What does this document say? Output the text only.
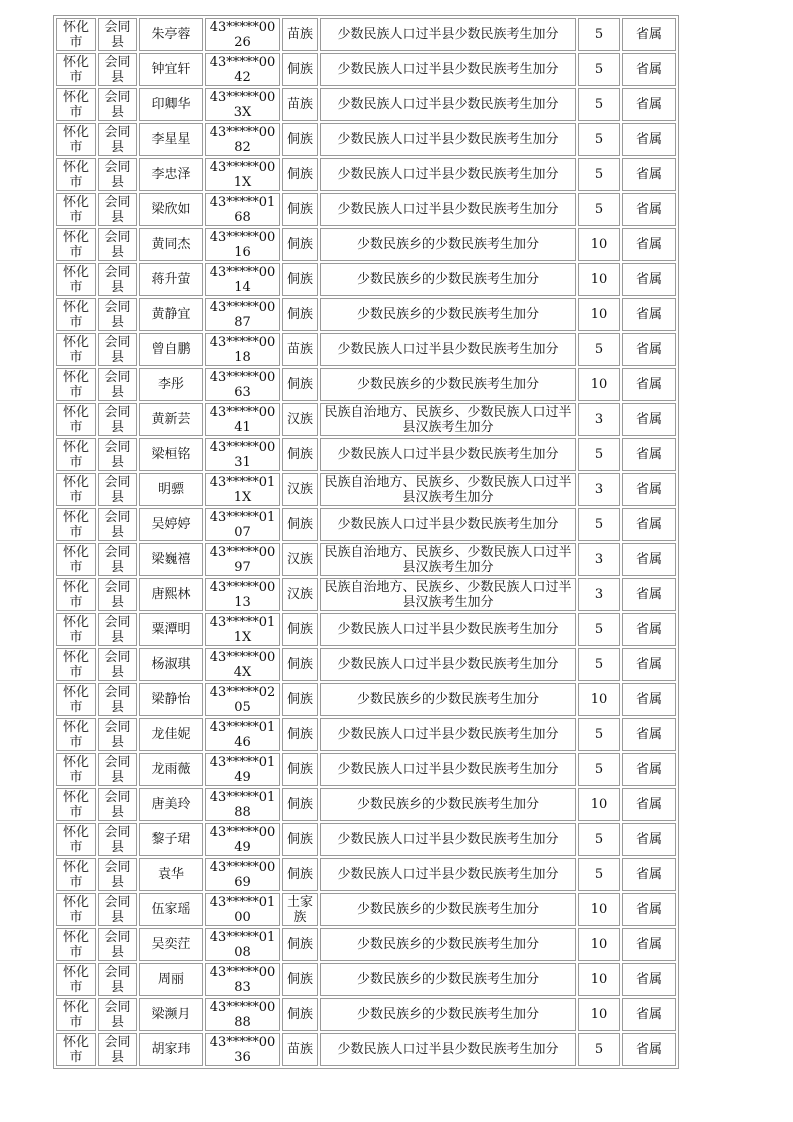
怀化市	会同县	朱亭蓉	43*****0026	苗族	少数民族人口过半县少数民族考生加分	5	省属
怀化市	会同县	钟宜轩	43*****0042	侗族	少数民族人口过半县少数民族考生加分	5	省属
怀化市	会同县	印卿华	43*****003X	苗族	少数民族人口过半县少数民族考生加分	5	省属
怀化市	会同县	李星星	43*****0082	侗族	少数民族人口过半县少数民族考生加分	5	省属
怀化市	会同县	李忠泽	43*****001X	侗族	少数民族人口过半县少数民族考生加分	5	省属
怀化市	会同县	梁欣如	43*****0168	侗族	少数民族人口过半县少数民族考生加分	5	省属
怀化市	会同县	黄同杰	43*****0016	侗族	少数民族乡的少数民族考生加分	10	省属
怀化市	会同县	蒋升萤	43*****0014	侗族	少数民族乡的少数民族考生加分	10	省属
怀化市	会同县	黄静宜	43*****0087	侗族	少数民族乡的少数民族考生加分	10	省属
怀化市	会同县	曾自鹏	43*****0018	苗族	少数民族人口过半县少数民族考生加分	5	省属
怀化市	会同县	李彤	43*****0063	侗族	少数民族乡的少数民族考生加分	10	省属
怀化市	会同县	黄新芸	43*****0041	汉族	民族自治地方、民族乡、少数民族人口过半县汉族考生加分	3	省属
怀化市	会同县	梁桓铭	43*****0031	侗族	少数民族人口过半县少数民族考生加分	5	省属
怀化市	会同县	明骠	43*****011X	汉族	民族自治地方、民族乡、少数民族人口过半县汉族考生加分	3	省属
怀化市	会同县	吴婷婷	43*****0107	侗族	少数民族人口过半县少数民族考生加分	5	省属
怀化市	会同县	梁巍禧	43*****0097	汉族	民族自治地方、民族乡、少数民族人口过半县汉族考生加分	3	省属
怀化市	会同县	唐熙林	43*****0013	汉族	民族自治地方、民族乡、少数民族人口过半县汉族考生加分	3	省属
怀化市	会同县	粟潭明	43*****011X	侗族	少数民族人口过半县少数民族考生加分	5	省属
怀化市	会同县	杨淑琪	43*****004X	侗族	少数民族人口过半县少数民族考生加分	5	省属
怀化市	会同县	梁静怡	43*****0205	侗族	少数民族乡的少数民族考生加分	10	省属
怀化市	会同县	龙佳妮	43*****0146	侗族	少数民族人口过半县少数民族考生加分	5	省属
怀化市	会同县	龙雨薇	43*****0149	侗族	少数民族人口过半县少数民族考生加分	5	省属
怀化市	会同县	唐美玲	43*****0188	侗族	少数民族乡的少数民族考生加分	10	省属
怀化市	会同县	黎子珺	43*****0049	侗族	少数民族人口过半县少数民族考生加分	5	省属
怀化市	会同县	袁华	43*****0069	侗族	少数民族人口过半县少数民族考生加分	5	省属
怀化市	会同县	伍家瑶	43*****0100	土家族	少数民族乡的少数民族考生加分	10	省属
怀化市	会同县	吴奕茳	43*****0108	侗族	少数民族乡的少数民族考生加分	10	省属
怀化市	会同县	周丽	43*****0083	侗族	少数民族乡的少数民族考生加分	10	省属
怀化市	会同县	梁濒月	43*****0088	侗族	少数民族乡的少数民族考生加分	10	省属
怀化市	会同县	胡家玮	43*****0036	苗族	少数民族人口过半县少数民族考生加分	5	省属
